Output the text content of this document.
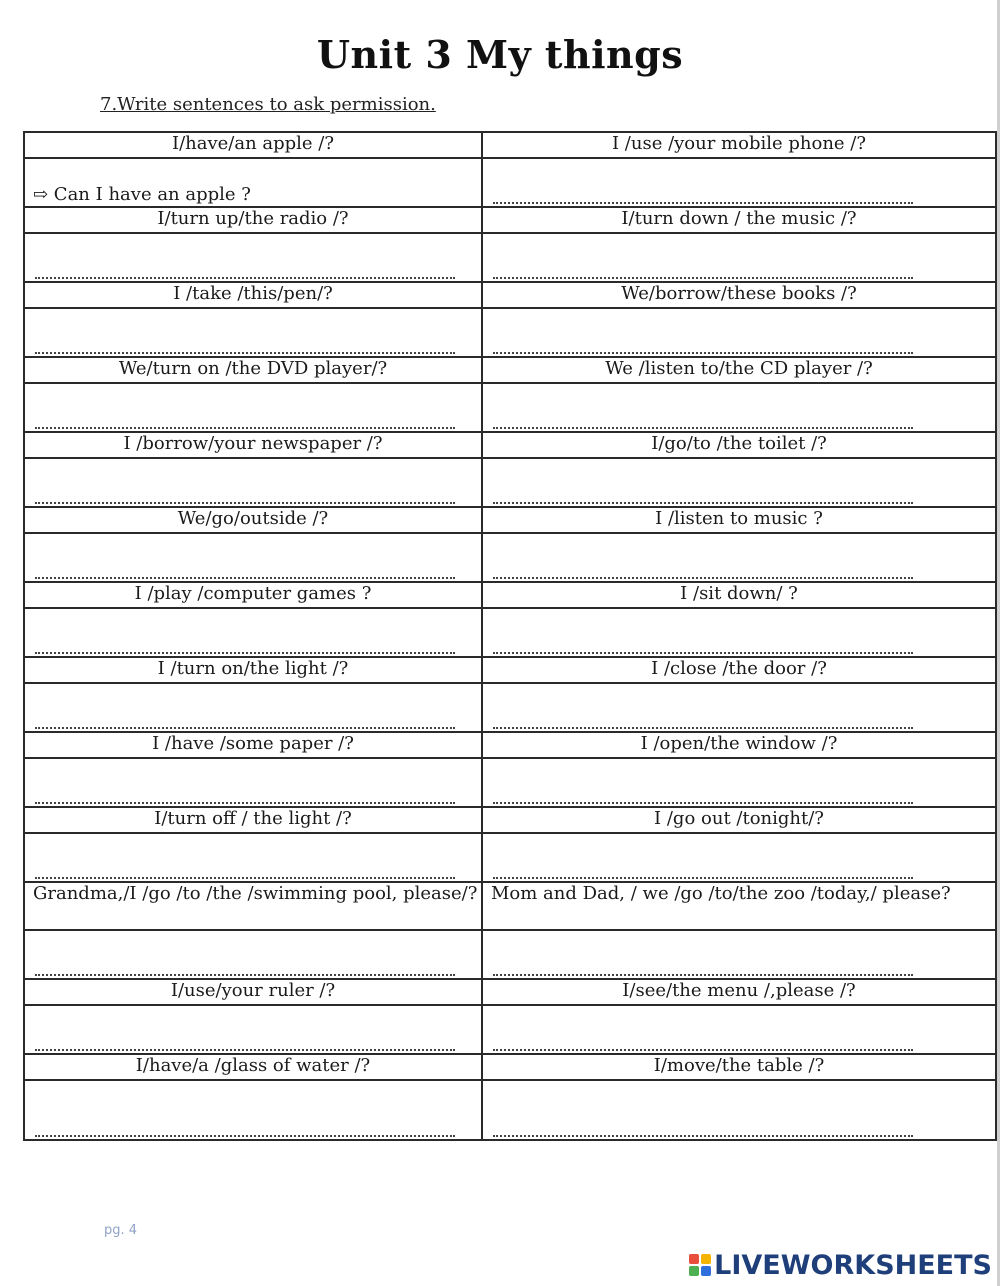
Unit 3 My things
7.Write sentences to ask permission.
I/have/an apple /?	I /use /your mobile phone /?

⇨ Can I have an apple ?	

I/turn up/the radio /?	I/turn down / the music /?

I /take /this/pen/?	We/borrow/these books /?

We/turn on /the DVD player/?	We /listen to/the CD player /?

I /borrow/your newspaper /?	I/go/to /the toilet /?

We/go/outside /?	I /listen to music ?

I /play /computer games ?	I /sit down/ ?

I /turn on/the light /?	I /close /the door /?

I /have /some paper /?	I /open/the window /?

I/turn off / the light /?	I /go out /tonight/?

Grandma,/I /go /to /the /swimming pool, please/?	Mom and Dad, / we /go /to/the zoo /today,/ please?

I/use/your ruler /?	I/see/the menu /,please /?

I/have/a /glass of water /?	I/move/the table /?

pg. 4
LIVEWORKSHEETS
